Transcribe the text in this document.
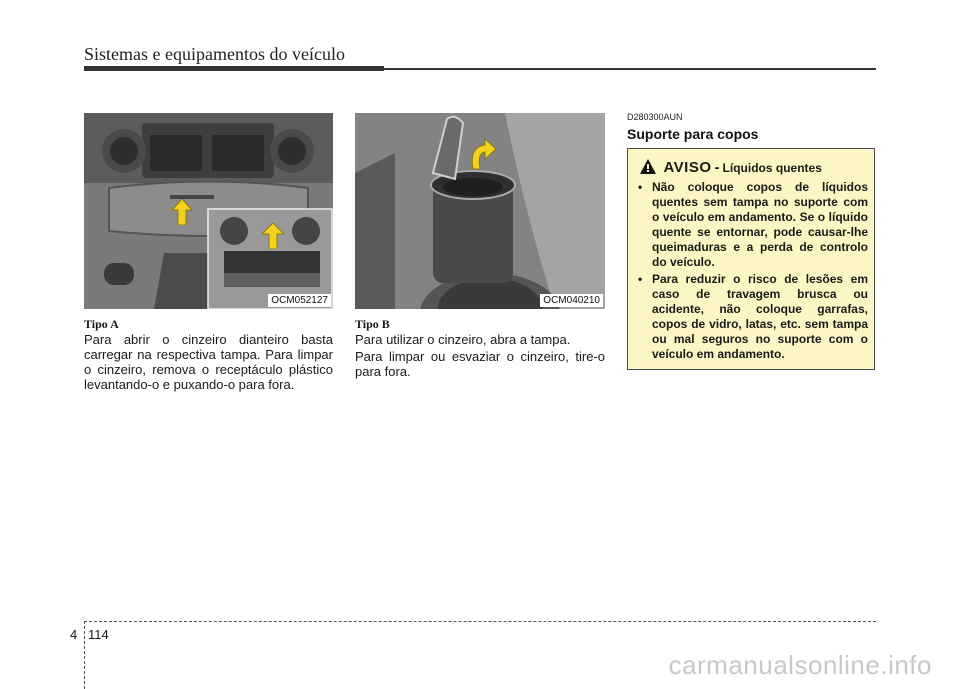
Sistemas e equipamentos do veículo
OCM052127	OCM040210
Tipo A

Para abrir o cinzeiro dianteiro basta carregar na respectiva tampa. Para limpar o cinzeiro, remova o receptáculo plástico levantando-o e puxando-o para fora.

Tipo B

Para utilizar o cinzeiro, abra a tampa.

Para limpar ou esvaziar o cinzeiro, tire-o para fora.

D280300AUN
Suporte para copos
AVISO - Líquidos quentes
• Não coloque copos de líquidos quentes sem tampa no suporte com o veículo em andamento. Se o líquido quente se entornar, pode causar-lhe queimaduras e a perda de controlo do veículo.
• Para reduzir o risco de lesões em caso de travagem brusca ou acidente, não coloque garrafas, copos de vidro, latas, etc. sem tampa ou mal seguros no suporte com o veículo em andamento.
4 114
carmanualsonline.info
